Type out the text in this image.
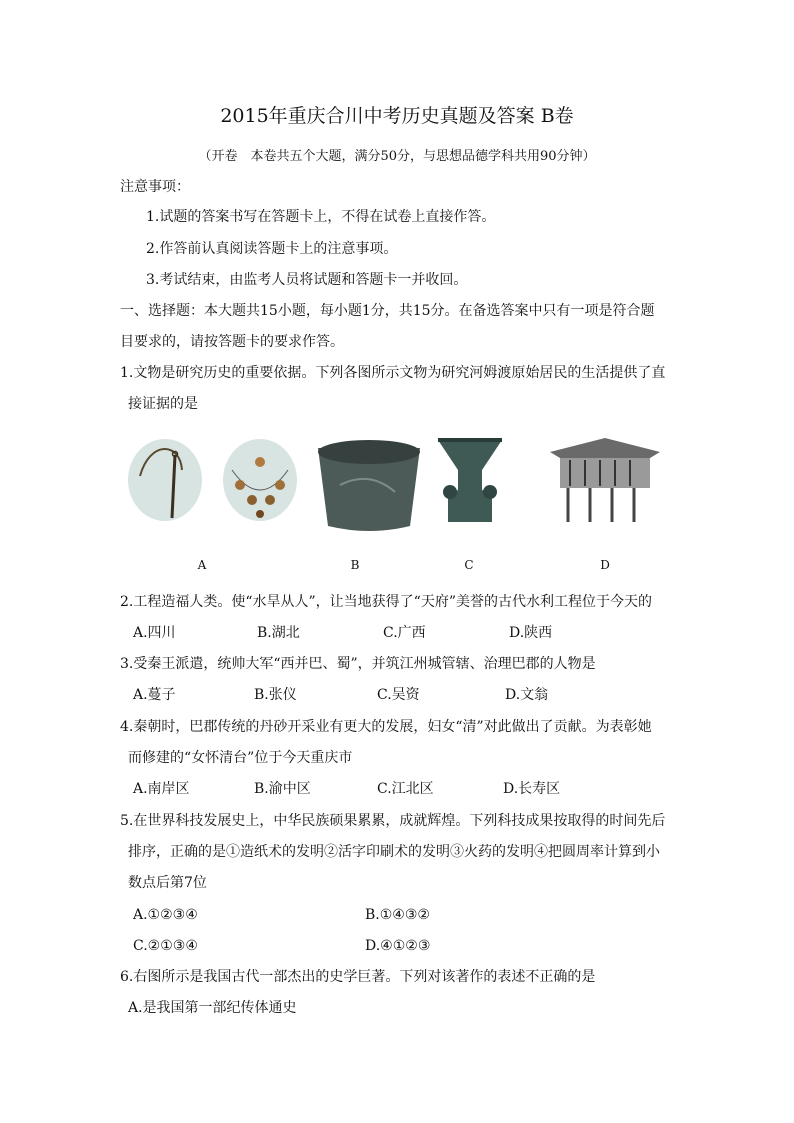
2015年重庆合川中考历史真题及答案 B卷
（开卷　本卷共五个大题，满分50分，与思想品德学科共用90分钟）
注意事项：
1.试题的答案书写在答题卡上，不得在试卷上直接作答。
2.作答前认真阅读答题卡上的注意事项。
3.考试结束，由监考人员将试题和答题卡一并收回。
一、选择题：本大题共15小题，每小题1分，共15分。在备选答案中只有一项是符合题
目要求的，请按答题卡的要求作答。
1.文物是研究历史的重要依据。下列各图所示文物为研究河姆渡原始居民的生活提供了直
接证据的是
A	B	C	D
2.工程造福人类。使“水旱从人”，让当地获得了“天府”美誉的古代水利工程位于今天的
A.四川	B.湖北	C.广西	D.陕西
3.受秦王派遣，统帅大军“西并巴、蜀”，并筑江州城管辖、治理巴郡的人物是
A.蔓子	B.张仪	C.吴资	D.文翁
4.秦朝时，巴郡传统的丹砂开采业有更大的发展，妇女“清”对此做出了贡献。为表彰她
而修建的“女怀清台”位于今天重庆市
A.南岸区	B.渝中区	C.江北区	D.长寿区
5.在世界科技发展史上，中华民族硕果累累，成就辉煌。下列科技成果按取得的时间先后
排序，正确的是①造纸术的发明②活字印刷术的发明③火药的发明④把圆周率计算到小
数点后第7位
A.①②③④	B.①④③②
C.②①③④	D.④①②③
6.右图所示是我国古代一部杰出的史学巨著。下列对该著作的表述不正确的是
A.是我国第一部纪传体通史
